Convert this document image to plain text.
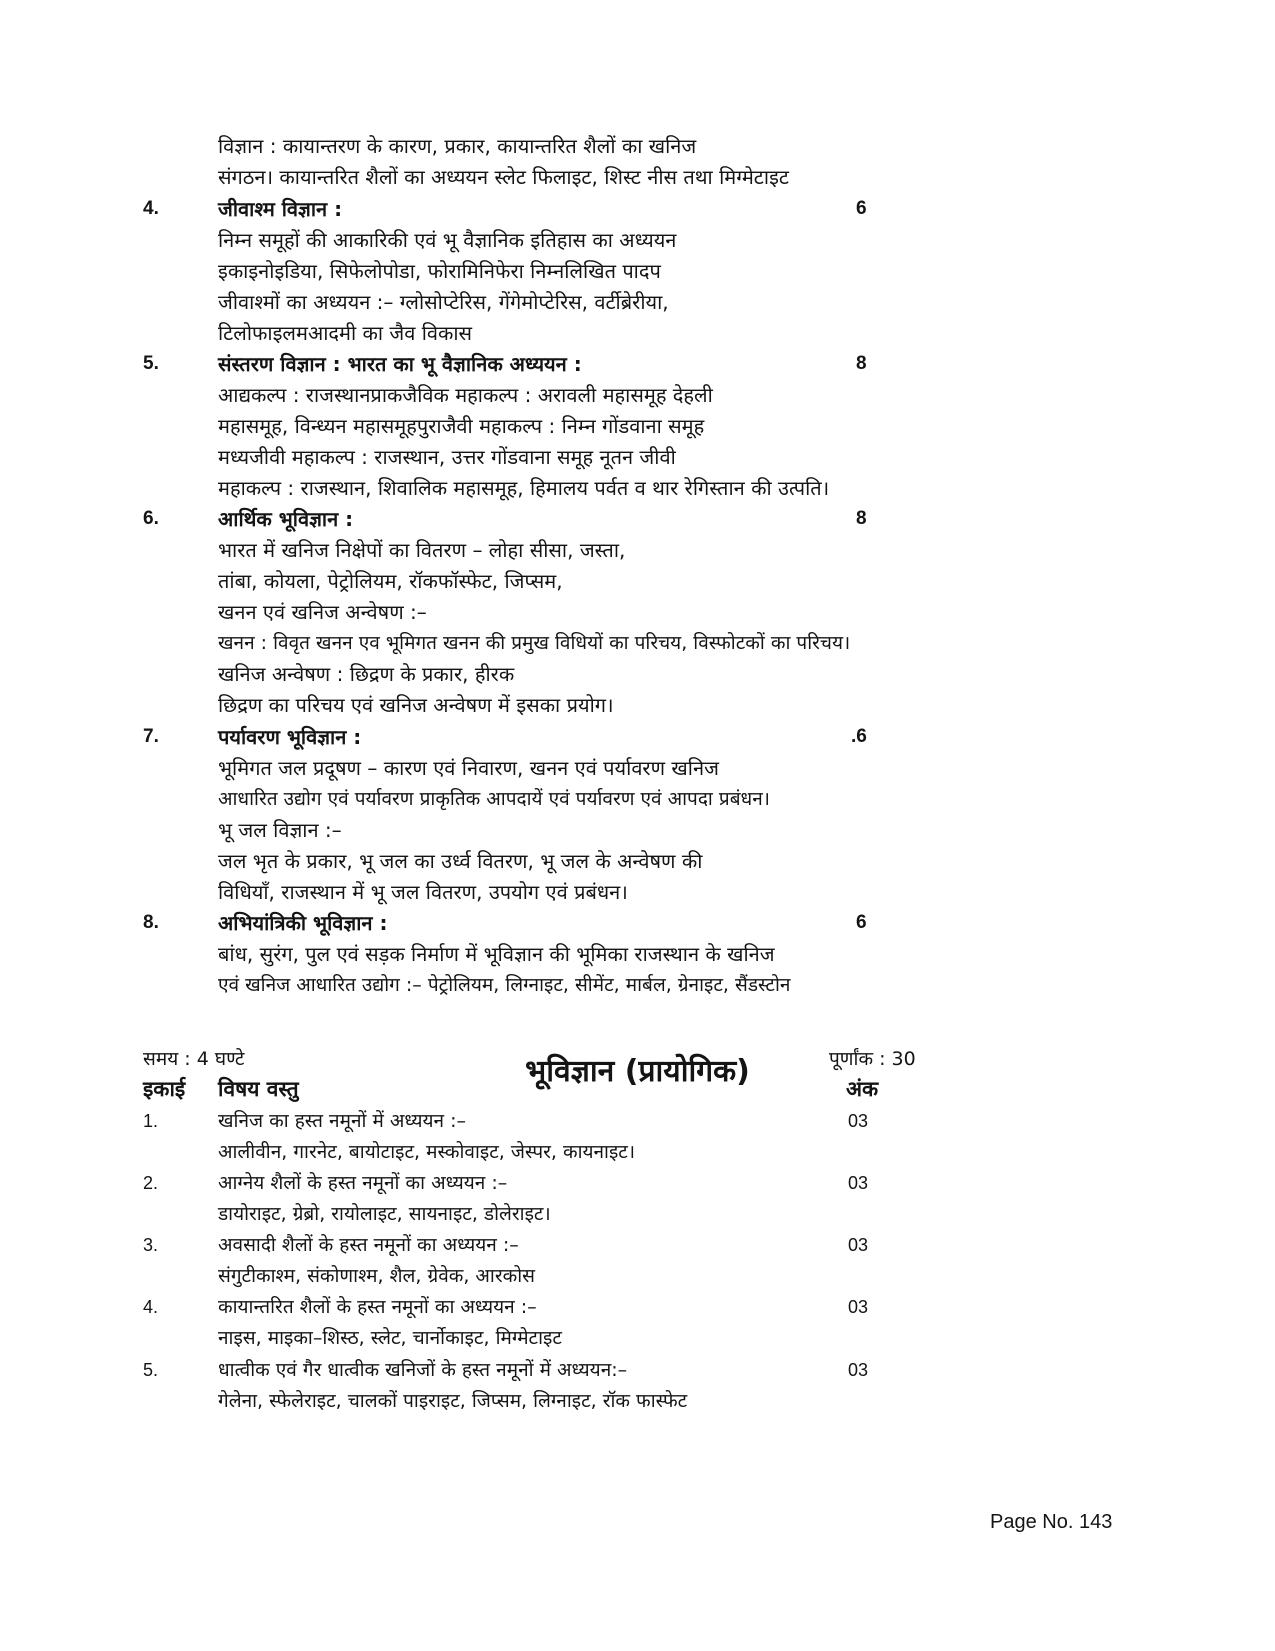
विज्ञान : कायान्तरण के कारण, प्रकार, कायान्तरित शैलों का खनिज
संगठन। कायान्तरित शैलों का अध्ययन स्लेट फिलाइट, शिस्ट नीस तथा मिग्मेटाइट
4.	जीवाश्म विज्ञान :	6
निम्न समूहों की आकारिकी एवं भू वैज्ञानिक इतिहास का अध्ययन
इकाइनोइडिया, सिफेलोपोडा, फोरामिनिफेरा निम्नलिखित पादप
जीवाश्मों का अध्ययन :– ग्लोसोप्टेरिस, गेंगेमोप्टेरिस, वर्टीब्रेरीया,
टिलोफाइलमआदमी का जैव विकास
5.	संस्तरण विज्ञान : भारत का भू वैज्ञानिक अध्ययन :	8
आद्यकल्प : राजस्थानप्राकजैविक महाकल्प : अरावली महासमूह देहली
महासमूह, विन्ध्यन महासमूहपुराजैवी महाकल्प : निम्न गोंडवाना समूह
मध्यजीवी महाकल्प : राजस्थान, उत्तर गोंडवाना समूह नूतन जीवी
महाकल्प : राजस्थान, शिवालिक महासमूह, हिमालय पर्वत व थार रेगिस्तान की उत्पति।
6.	आर्थिक भूविज्ञान :	8
भारत में खनिज निक्षेपों का वितरण – लोहा सीसा, जस्ता,
तांबा, कोयला, पेट्रोलियम, रॉकफॉस्फेट, जिप्सम,
खनन एवं खनिज अन्वेषण :–
खनन : विवृत खनन एव भूमिगत खनन की प्रमुख विधियों का परिचय, विस्फोटकों का परिचय।
खनिज अन्वेषण : छिद्रण के प्रकार, हीरक
छिद्रण का परिचय एवं खनिज अन्वेषण में इसका प्रयोग।
7.	पर्यावरण भूविज्ञान :	.6
भूमिगत जल प्रदूषण – कारण एवं निवारण, खनन एवं पर्यावरण खनिज
आधारित उद्योग एवं पर्यावरण प्राकृतिक आपदायें एवं पर्यावरण एवं आपदा प्रबंधन।
भू जल विज्ञान :–
जल भृत के प्रकार, भू जल का उर्ध्व वितरण, भू जल के अन्वेषण की
विधियाँ, राजस्थान में भू जल वितरण, उपयोग एवं प्रबंधन।
8.	अभियांत्रिकी भूविज्ञान :	6
बांध, सुरंग, पुल एवं सड़क निर्माण में भूविज्ञान की भूमिका राजस्थान के खनिज
एवं खनिज आधारित उद्योग :– पेट्रोलियम, लिग्नाइट, सीमेंट, मार्बल, ग्रेनाइट, सैंडस्टोन
भूविज्ञान (प्रायोगिक)
समय : 4 घण्टे	पूर्णांक : 30
इकाई विषय वस्तु	अंक
1.	खनिज का हस्त नमूनों में अध्ययन :–	03
आलीवीन, गारनेट, बायोटाइट, मस्कोवाइट, जेस्पर, कायनाइट।
2.	आग्नेय शैलों के हस्त नमूनों का अध्ययन :–	03
डायोराइट, ग्रेब्रो, रायोलाइट, सायनाइट, डोलेराइट।
3.	अवसादी शैलों के हस्त नमूनों का अध्ययन :–	03
संगुटीकाश्म, संकोणाश्म, शैल, ग्रेवेक, आरकोस
4.	कायान्तरित शैलों के हस्त नमूनों का अध्ययन :–	03
नाइस, माइका–शिस्ठ, स्लेट, चार्नोकाइट, मिग्मेटाइट
5.	धात्वीक एवं गैर धात्वीक खनिजों के हस्त नमूनों में अध्ययन:–	03
गेलेना, स्फेलेराइट, चालकों पाइराइट, जिप्सम, लिग्नाइट, रॉक फास्फेट
Page No. 143
